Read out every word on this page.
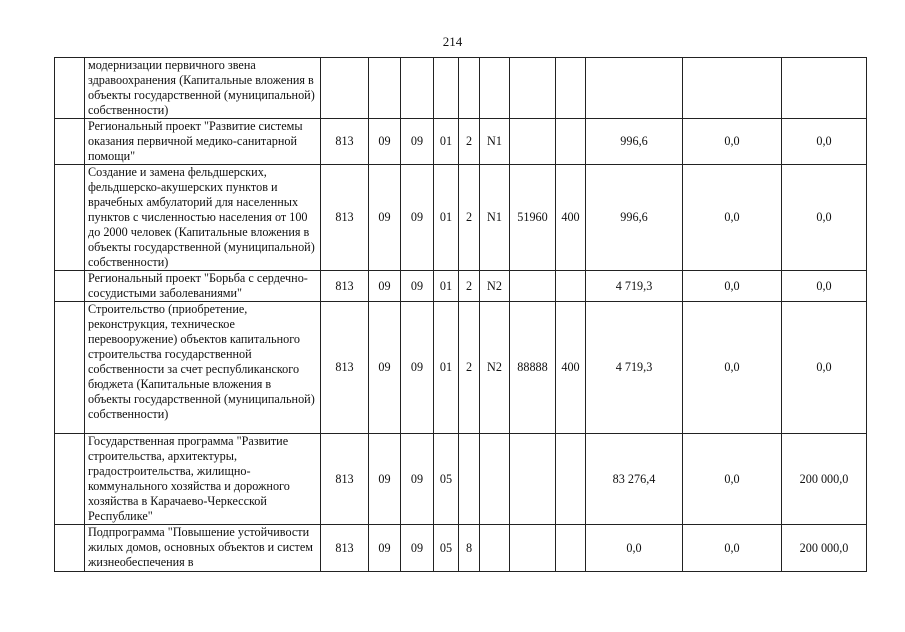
214
	модернизации первичного звена здравоохранения (Капитальные вложения в объекты государственной (муниципальной) собственности)											
	Региональный проект "Развитие системы оказания первичной медико-санитарной помощи"	813	09	09	01	2	N1			996,6	0,0	0,0
	Создание и замена фельдшерских, фельдшерско-акушерских пунктов и врачебных амбулаторий для населенных пунктов с численностью населения от 100 до 2000 человек (Капитальные вложения в объекты государственной (муниципальной) собственности)	813	09	09	01	2	N1	51960	400	996,6	0,0	0,0
	Региональный проект "Борьба с сердечно-сосудистыми заболеваниями"	813	09	09	01	2	N2			4 719,3	0,0	0,0
	Строительство (приобретение, реконструкция, техническое перевооружение) объектов капитального строительства государственной собственности за счет республиканского бюджета (Капитальные вложения в объекты государственной (муниципальной) собственности)	813	09	09	01	2	N2	88888	400	4 719,3	0,0	0,0
	Государственная программа "Развитие строительства, архитектуры, градостроительства, жилищно-коммунального хозяйства и дорожного хозяйства в Карачаево-Черкесской Республике"	813	09	09	05					83 276,4	0,0	200 000,0
	Подпрограмма "Повышение устойчивости жилых домов, основных объектов и систем жизнеобеспечения в	813	09	09	05	8				0,0	0,0	200 000,0
